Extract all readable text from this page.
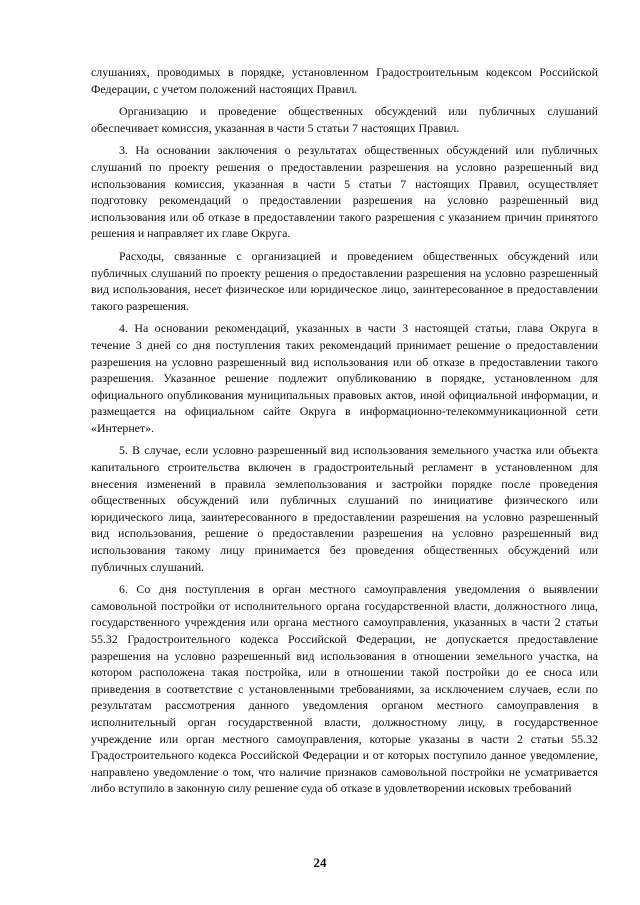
слушаниях, проводимых в порядке, установленном Градостроительным кодексом Российской Федерации, с учетом положений настоящих Правил.

Организацию и проведение общественных обсуждений или публичных слушаний обеспечивает комиссия, указанная в части 5 статьи 7 настоящих Правил.

3. На основании заключения о результатах общественных обсуждений или публичных слушаний по проекту решения о предоставлении разрешения на условно разрешенный вид использования комиссия, указанная в части 5 статьи 7 настоящих Правил, осуществляет подготовку рекомендаций о предоставлении разрешения на условно разрешенный вид использования или об отказе в предоставлении такого разрешения с указанием причин принятого решения и направляет их главе Округа.

Расходы, связанные с организацией и проведением общественных обсуждений или публичных слушаний по проекту решения о предоставлении разрешения на условно разрешенный вид использования, несет физическое или юридическое лицо, заинтересованное в предоставлении такого разрешения.

4. На основании рекомендаций, указанных в части 3 настоящей статьи, глава Округа в течение 3 дней со дня поступления таких рекомендаций принимает решение о предоставлении разрешения на условно разрешенный вид использования или об отказе в предоставлении такого разрешения. Указанное решение подлежит опубликованию в порядке, установленном для официального опубликования муниципальных правовых актов, иной официальной информации, и размещается на официальном сайте Округа в информационно-телекоммуникационной сети «Интернет».

5. В случае, если условно разрешенный вид использования земельного участка или объекта капитального строительства включен в градостроительный регламент в установленном для внесения изменений в правила землепользования и застройки порядке после проведения общественных обсуждений или публичных слушаний по инициативе физического или юридического лица, заинтересованного в предоставлении разрешения на условно разрешенный вид использования, решение о предоставлении разрешения на условно разрешенный вид использования такому лицу принимается без проведения общественных обсуждений или публичных слушаний.

6. Со дня поступления в орган местного самоуправления уведомления о выявлении самовольной постройки от исполнительного органа государственной власти, должностного лица, государственного учреждения или органа местного самоуправления, указанных в части 2 статьи 55.32 Градостроительного кодекса Российской Федерации, не допускается предоставление разрешения на условно разрешенный вид использования в отношении земельного участка, на котором расположена такая постройка, или в отношении такой постройки до ее сноса или приведения в соответствие с установленными требованиями, за исключением случаев, если по результатам рассмотрения данного уведомления органом местного самоуправления в исполнительный орган государственной власти, должностному лицу, в государственное учреждение или орган местного самоуправления, которые указаны в части 2 статьи 55.32 Градостроительного кодекса Российской Федерации и от которых поступило данное уведомление, направлено уведомление о том, что наличие признаков самовольной постройки не усматривается либо вступило в законную силу решение суда об отказе в удовлетворении исковых требований

24
